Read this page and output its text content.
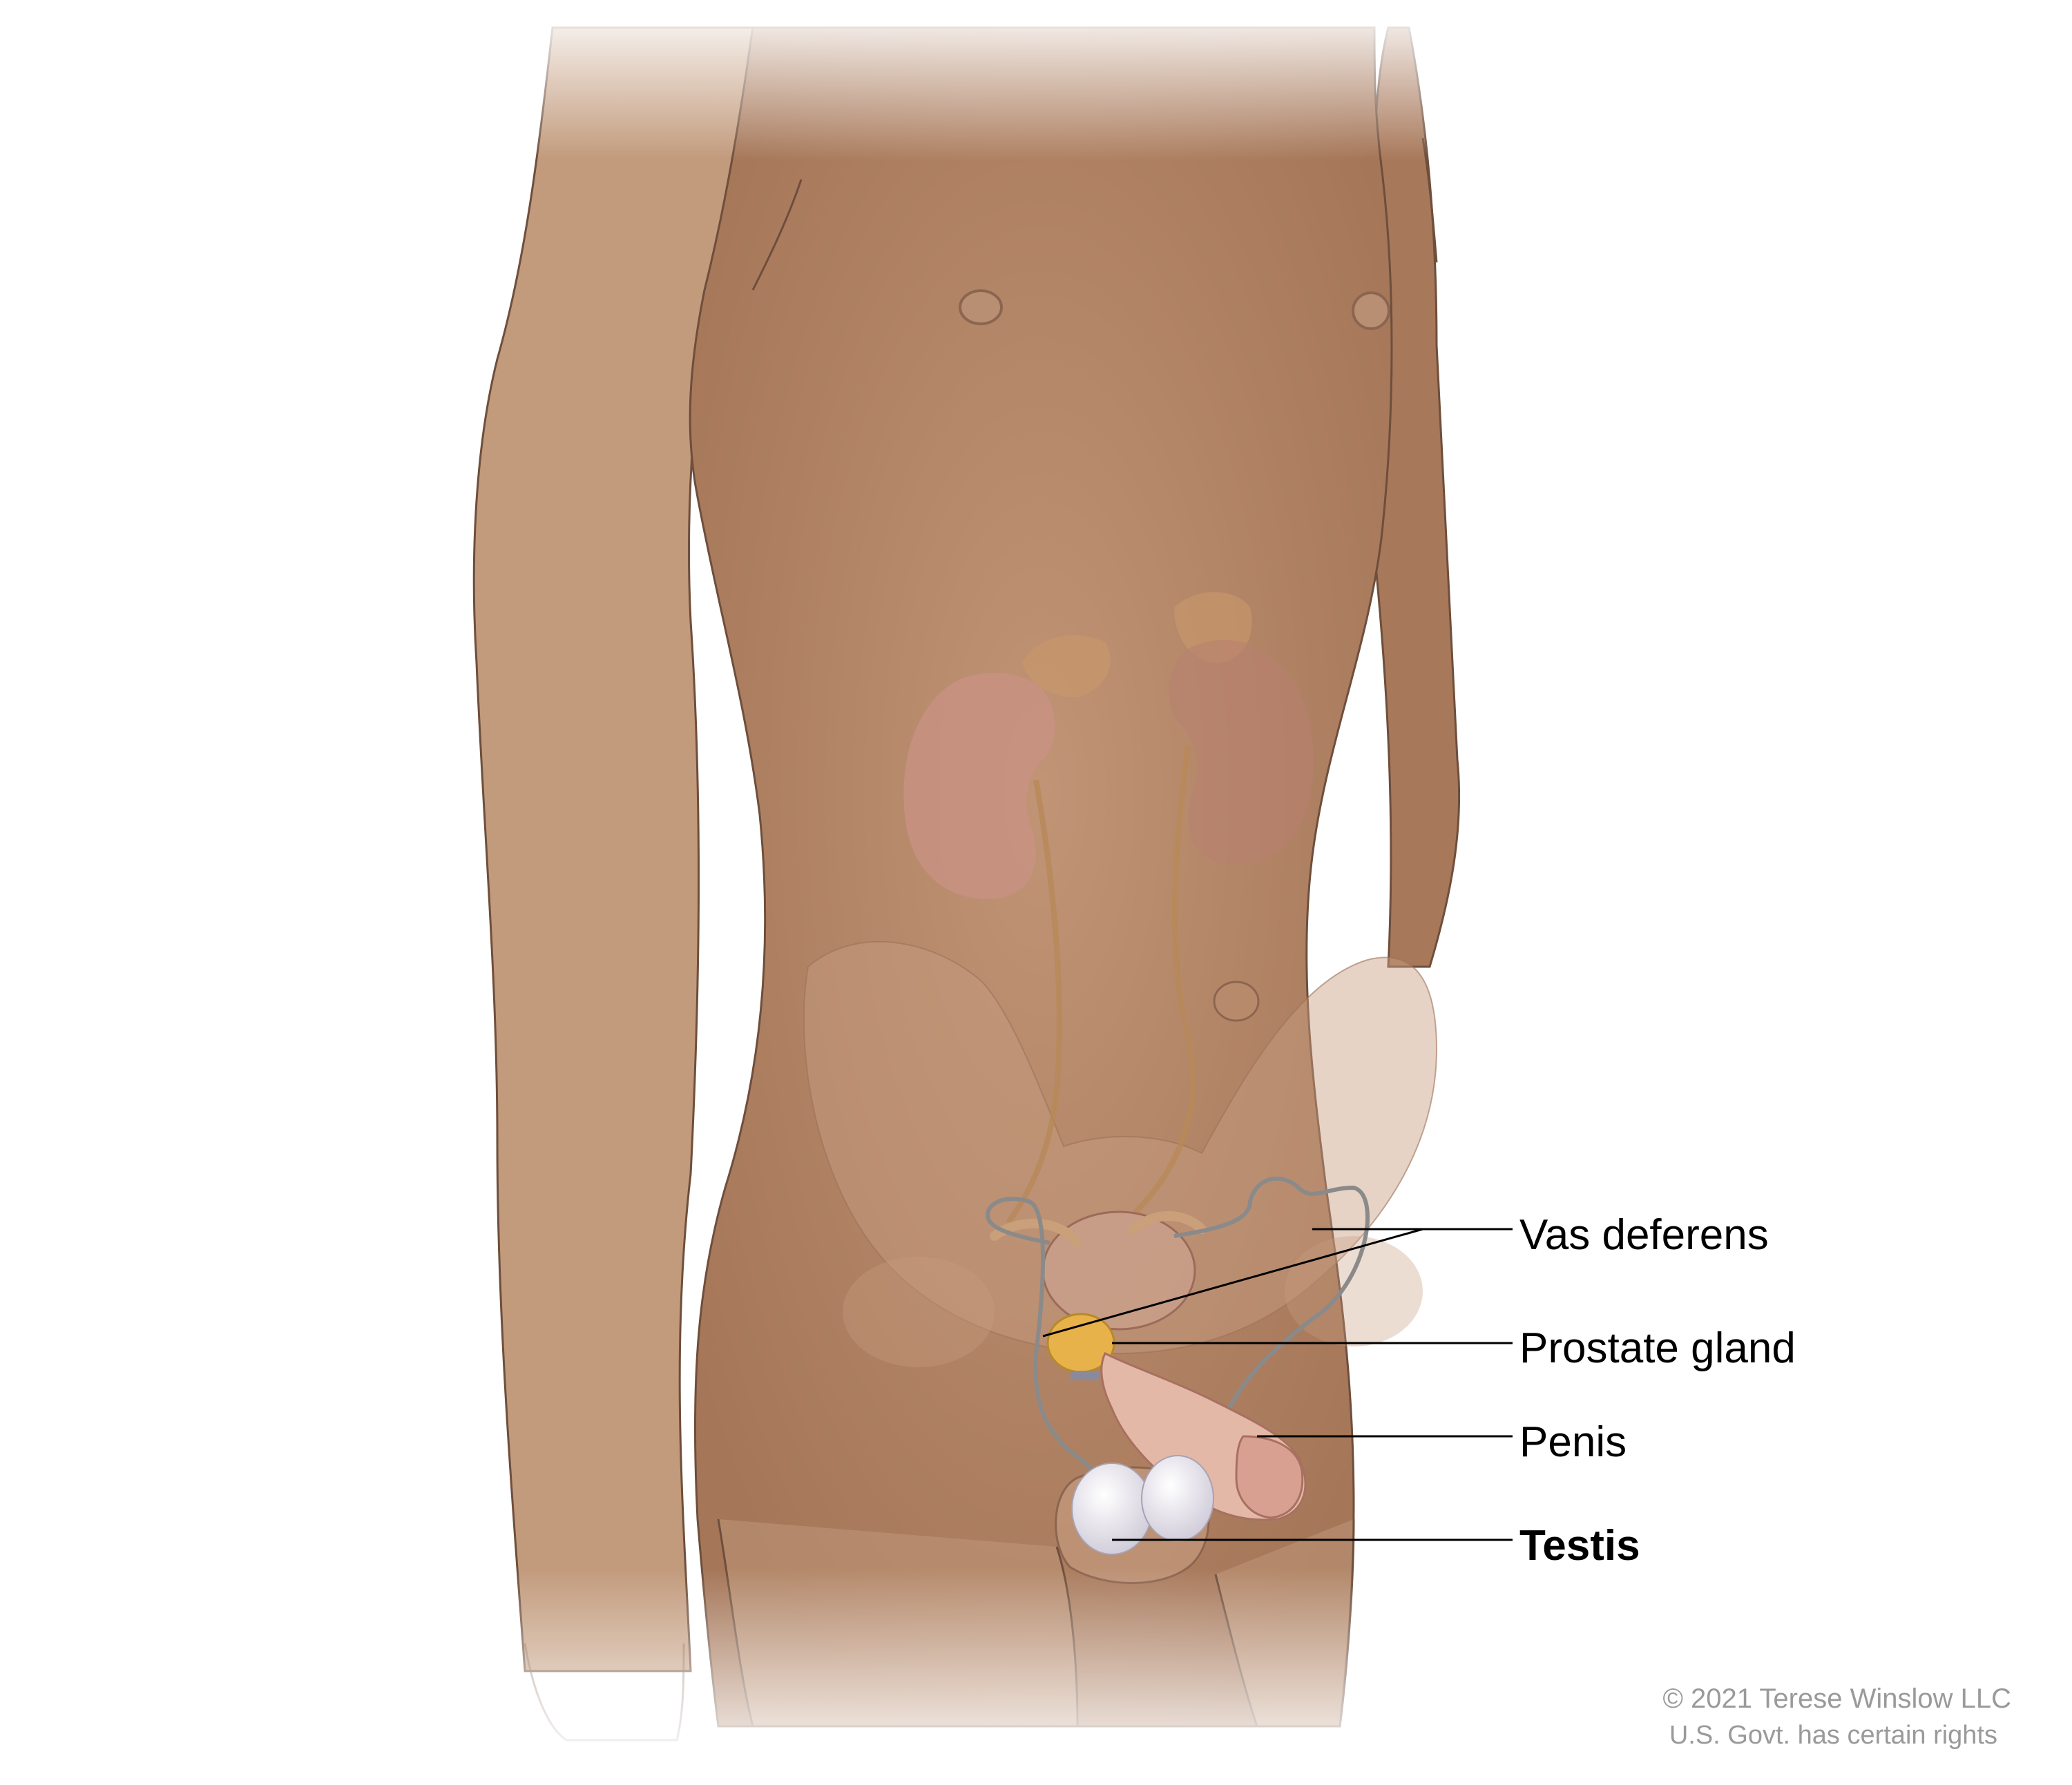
Vas deferens
Prostate gland
Penis
Testis
© 2021 Terese Winslow LLC
U.S. Govt. has certain rights
